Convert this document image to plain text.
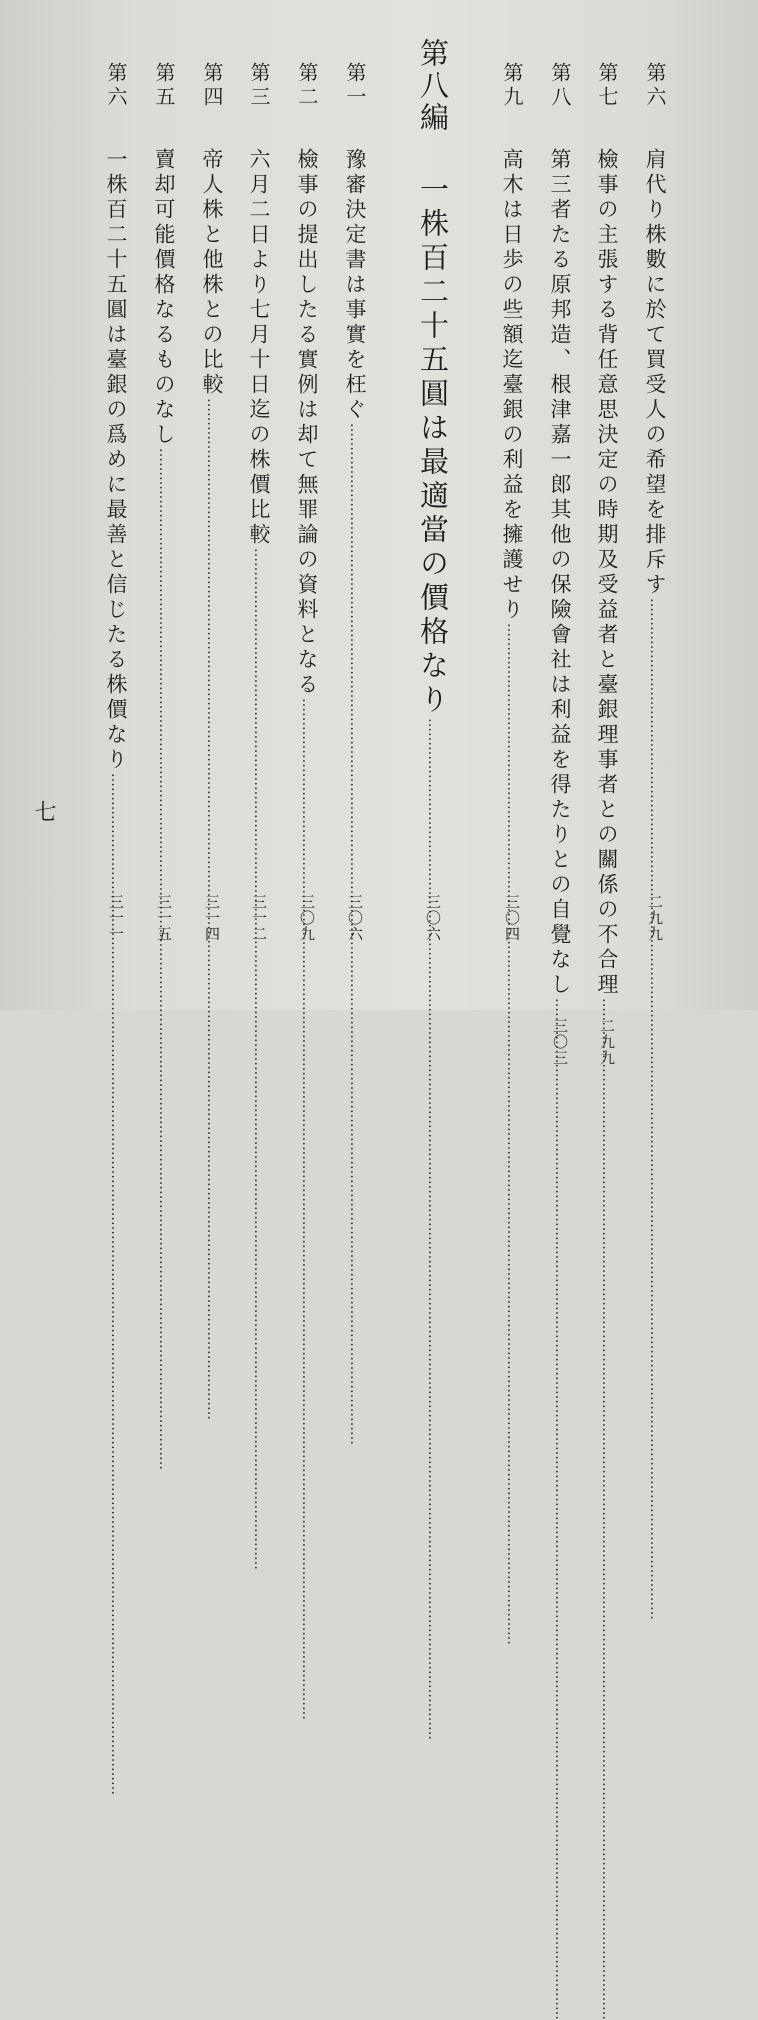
第六
肩代り株數に於て買受人の希望を排斥す
…………………………………………………………………………………………………………………………………………………………………………………………………
二九九
第七
檢事の主張する背任意思決定の時期及受益者と臺銀理事者との關係の不合理
…………………………………………………………………………………………………………………………………………………………………………………………………
二九九
第八
第三者たる原邦造、根津嘉一郎其他の保險會社は利益を得たりとの自覺なし
…………………………………………………………………………………………………………………………………………………………………………………………………
三〇三
第九
高木は日歩の些額迄臺銀の利益を擁護せり
…………………………………………………………………………………………………………………………………………………………………………………………………
三〇四
第八編
一株百二十五圓は最適當の價格なり
…………………………………………………………………………………………………………………………………………………………………………………………………
三〇六
第一
豫審決定書は事實を枉ぐ
…………………………………………………………………………………………………………………………………………………………………………………………………
三〇六
第二
檢事の提出したる實例は却て無罪論の資料となる
…………………………………………………………………………………………………………………………………………………………………………………………………
三〇九
第三
六月二日より七月十日迄の株價比較
…………………………………………………………………………………………………………………………………………………………………………………………………
三一二
第四
帝人株と他株との比較
…………………………………………………………………………………………………………………………………………………………………………………………………
三一四
第五
賣却可能價格なるものなし
…………………………………………………………………………………………………………………………………………………………………………………………………
三一五
第六
一株百二十五圓は臺銀の爲めに最善と信じたる株價なり
…………………………………………………………………………………………………………………………………………………………………………………………………
三一一
七
